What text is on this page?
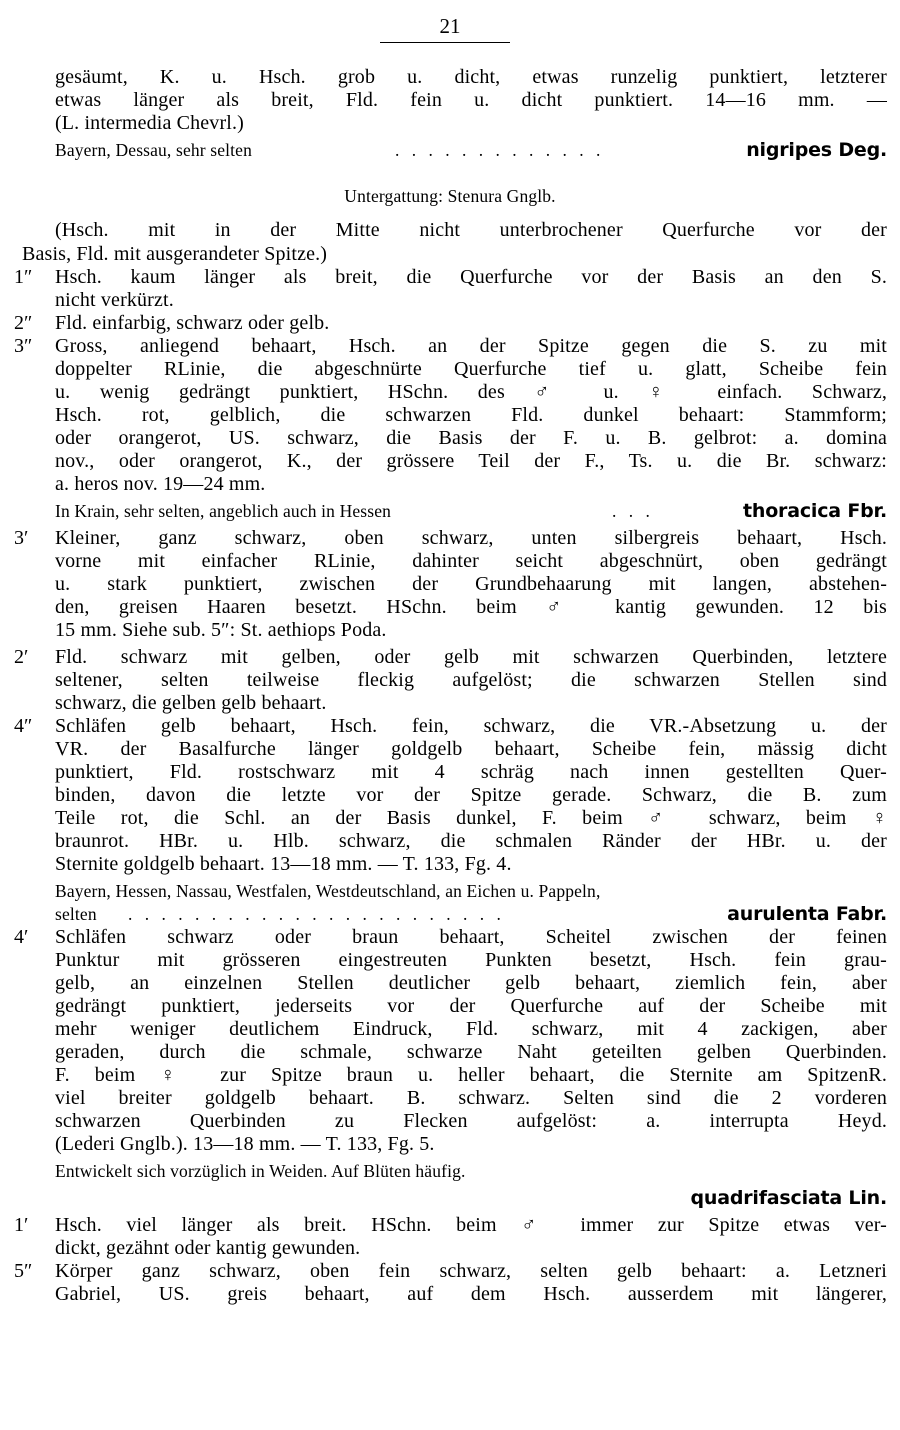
21
gesäumt, K. u. Hsch. grob u. dicht, etwas runzelig punktiert, letzterer
etwas länger als breit, Fld. fein u. dicht punktiert. 14—16 mm. —
(L. intermedia Chevrl.)
Bayern, Dessau, sehr selten	. . . . . . . . . . . . .	nigripes Deg.
Untergattung: Stenura Gnglb.
(Hsch. mit in der Mitte nicht unterbrochener Querfurche vor der
Basis, Fld. mit ausgerandeter Spitze.)
1″	Hsch. kaum länger als breit, die Querfurche vor der Basis an den S.
nicht verkürzt.
2″	Fld. einfarbig, schwarz oder gelb.
3″	Gross, anliegend behaart, Hsch. an der Spitze gegen die S. zu mit
doppelter RLinie, die abgeschnürte Querfurche tief u. glatt, Scheibe fein
u. wenig gedrängt punktiert, HSchn. des ♂ u. ♀ einfach. Schwarz,
Hsch. rot, gelblich, die schwarzen Fld. dunkel behaart: Stammform;
oder orangerot, US. schwarz, die Basis der F. u. B. gelbrot: a. domina
nov., oder orangerot, K., der grössere Teil der F., Ts. u. die Br. schwarz:
a. heros nov. 19—24 mm.
In Krain, sehr selten, angeblich auch in Hessen	. . .	thoracica Fbr.
3′	Kleiner, ganz schwarz, oben schwarz, unten silbergreis behaart, Hsch.
vorne mit einfacher RLinie, dahinter seicht abgeschnürt, oben gedrängt
u. stark punktiert, zwischen der Grundbehaarung mit langen, abstehen-
den, greisen Haaren besetzt. HSchn. beim ♂ kantig gewunden. 12 bis
15 mm. Siehe sub. 5″: St. aethiops Poda.
2′	Fld. schwarz mit gelben, oder gelb mit schwarzen Querbinden, letztere
seltener, selten teilweise fleckig aufgelöst; die schwarzen Stellen sind
schwarz, die gelben gelb behaart.
4″	Schläfen gelb behaart, Hsch. fein, schwarz, die VR.-Absetzung u. der
VR. der Basalfurche länger goldgelb behaart, Scheibe fein, mässig dicht
punktiert, Fld. rostschwarz mit 4 schräg nach innen gestellten Quer-
binden, davon die letzte vor der Spitze gerade. Schwarz, die B. zum
Teile rot, die Schl. an der Basis dunkel, F. beim ♂ schwarz, beim ♀
braunrot. HBr. u. Hlb. schwarz, die schmalen Ränder der HBr. u. der
Sternite goldgelb behaart. 13—18 mm. — T. 133, Fg. 4.
Bayern, Hessen, Nassau, Westfalen, Westdeutschland, an Eichen u. Pappeln,
selten	. . . . . . . . . . . . . . . . . . . . . . .	aurulenta Fabr.
4′	Schläfen schwarz oder braun behaart, Scheitel zwischen der feinen
Punktur mit grösseren eingestreuten Punkten besetzt, Hsch. fein grau-
gelb, an einzelnen Stellen deutlicher gelb behaart, ziemlich fein, aber
gedrängt punktiert, jederseits vor der Querfurche auf der Scheibe mit
mehr weniger deutlichem Eindruck, Fld. schwarz, mit 4 zackigen, aber
geraden, durch die schmale, schwarze Naht geteilten gelben Querbinden.
F. beim ♀ zur Spitze braun u. heller behaart, die Sternite am SpitzenR.
viel breiter goldgelb behaart. B. schwarz. Selten sind die 2 vorderen
schwarzen Querbinden zu Flecken aufgelöst: a. interrupta Heyd.
(Lederi Gnglb.). 13—18 mm. — T. 133, Fg. 5.
Entwickelt sich vorzüglich in Weiden. Auf Blüten häufig.
quadrifasciata Lin.
1′	Hsch. viel länger als breit. HSchn. beim ♂ immer zur Spitze etwas ver-
dickt, gezähnt oder kantig gewunden.
5″	Körper ganz schwarz, oben fein schwarz, selten gelb behaart: a. Letzneri
Gabriel, US. greis behaart, auf dem Hsch. ausserdem mit längerer,
